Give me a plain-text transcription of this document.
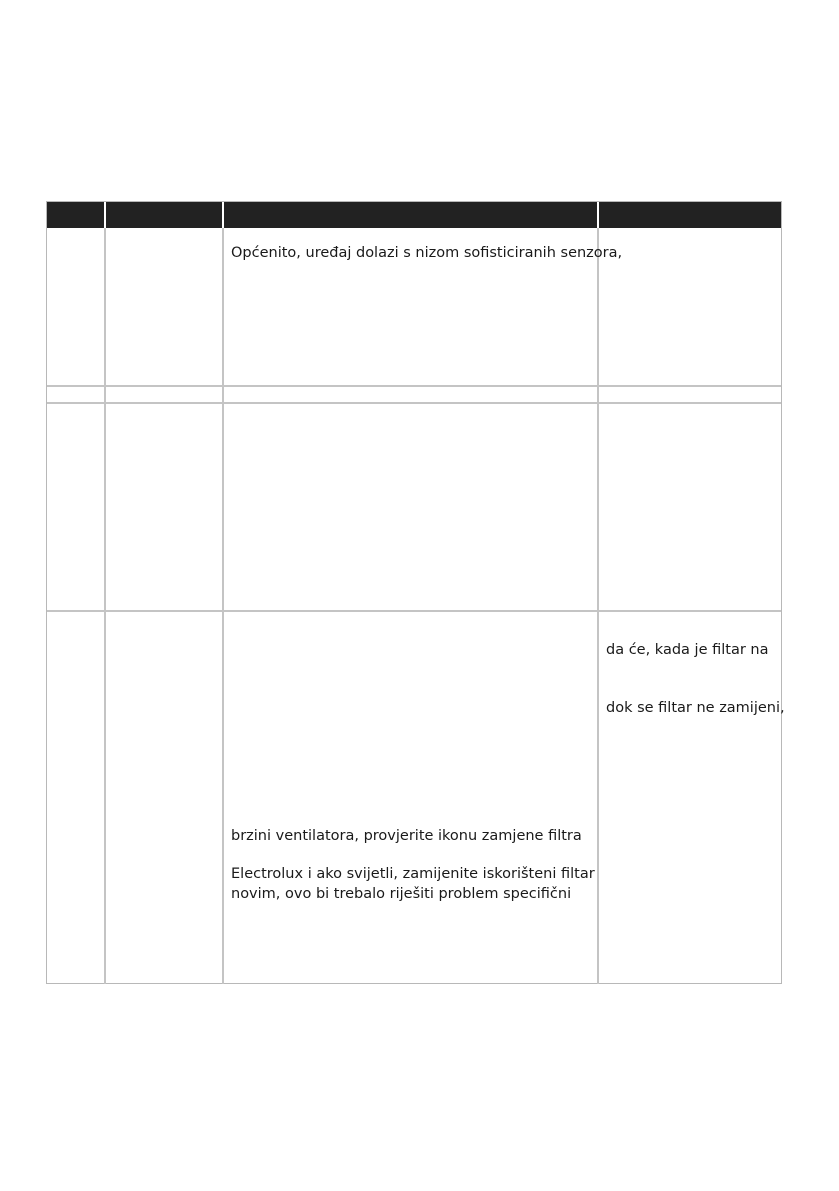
Općenito, uređaj dolazi s nizom sofisticiranih senzora,
da će, kada je filtar na
dok se filtar ne zamijeni,
brzini ventilatora, provjerite ikonu zamjene filtra
Electrolux i ako svijetli, zamijenite iskorišteni filtar
novim, ovo bi trebalo riješiti problem specifični
